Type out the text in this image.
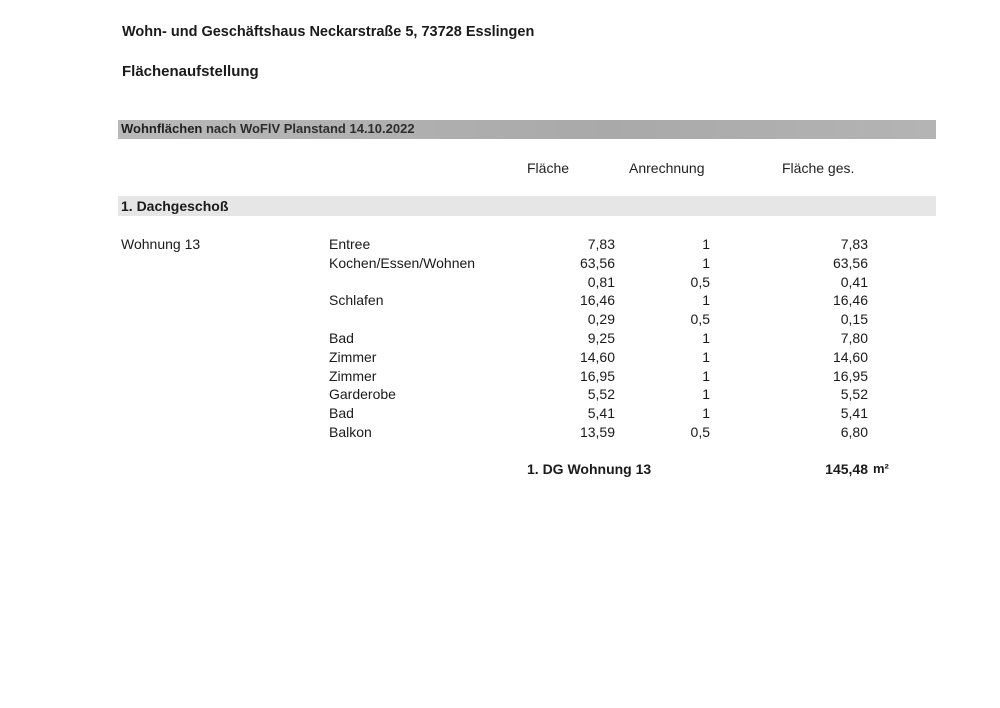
Wohn- und Geschäftshaus Neckarstraße 5, 73728 Esslingen
Flächenaufstellung
Wohnflächen nach WoFlV Planstand 14.10.2022
Fläche	Anrechnung	Fläche ges.
1. Dachgeschoß
Wohnung 13	Entree	7,83	1	7,83
Kochen/Essen/Wohnen	63,56	1	63,56
0,81	0,5	0,41
Schlafen	16,46	1	16,46
0,29	0,5	0,15
Bad	9,25	1	7,80
Zimmer	14,60	1	14,60
Zimmer	16,95	1	16,95
Garderobe	5,52	1	5,52
Bad	5,41	1	5,41
Balkon	13,59	0,5	6,80
1. DG Wohnung 13	145,48 m²
